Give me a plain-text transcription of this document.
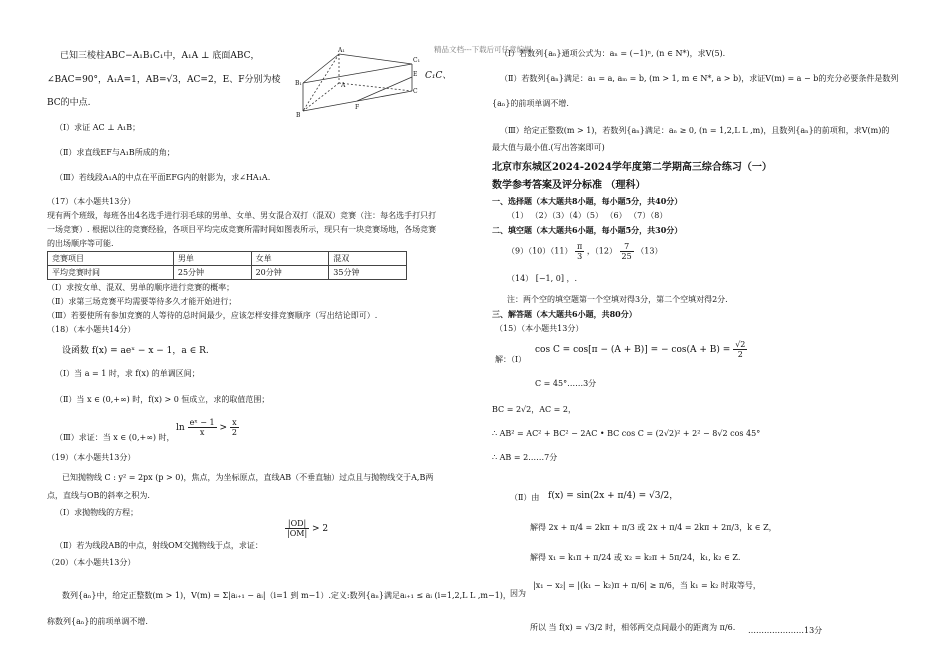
精品文档---下载后可任意编辑
已知三棱柱ABC−A₁B₁C₁中，A₁A ⊥ 底面ABC，
∠BAC=90°，A₁A=1，AB=√3，AC=2，E、F分别为棱	C₁C、
BC的中点.
A₁
B₁
C₁
E
A
B
C
F
（Ⅰ）求证 AC ⊥ A₁B；
（Ⅱ）求直线EF与A₁B所成的角；
（Ⅲ）若线段A₁A的中点在平面EFG内的射影为，求∠HA₁A.
（17）（本小题共13分）
现有两个班级，每班各出4名选手进行羽毛球的男单、女单、男女混合双打（混双）竞赛（注：每名选手打只打
一场竞赛）. 根据以往的竞赛经验，各项目平均完成竞赛所需时间如图表所示，现只有一块竞赛场地，各场竞赛
的出场顺序等可能.
竞赛项目	男单	女单	混双
平均竞赛时间	25分钟	20分钟	35分钟
（Ⅰ）求按女单、混双、男单的顺序进行竞赛的概率；
（Ⅱ）求第三场竞赛平均需要等待多久才能开始进行；
（Ⅲ）若要使所有参加竞赛的人等待的总时间最少，应该怎样安排竞赛顺序（写出结论即可）.
（18）（本小题共14分）
设函数 f(x) = aeˣ − x − 1，a ∈ R.
（Ⅰ）当 a = 1 时，求 f(x) 的单调区间；
（Ⅱ）当 x ∈ (0,+∞) 时，f(x) > 0 恒成立，求的取值范围；
（Ⅲ）求证：当 x ∈ (0,+∞) 时，
$\ln \frac{\text{eˣ − 1}}{x} > \frac{x}{2}$
（19）（本小题共13分）
已知抛物线 C : y² = 2px (p > 0)，焦点，为坐标原点，直线AB（不垂直轴）过点且与抛物线交于A,B两
点，直线与OB的斜率之积为.
（Ⅰ）求抛物线的方程；
（Ⅱ）若为线段AB的中点，射线OM交抛物线于点，求证：
$\frac{|OD|}{|OM|} > 2$
（20）（本小题共13分）
数列{aₙ}中，给定正整数(m > 1)，V(m) = Σ|aᵢ₊₁ − aᵢ|（i=1 到 m−1）.定义:数列{aₙ}满足aᵢ₊₁ ≤ aᵢ (i=1,2,L L ,m−1)，
称数列{aₙ}的前项单调不增.
（Ⅰ）若数列{aₙ}通项公式为：aₙ = (−1)ⁿ, (n ∈ N*)，求V(5).
（Ⅱ）若数列{aₙ}满足：a₁ = a, aₘ = b, (m > 1, m ∈ N*, a > b)，求证V(m) = a − b的充分必要条件是数列
{aₙ}的前项单调不增.
（Ⅲ）给定正整数(m > 1)，若数列{aₙ}满足：aₙ ≥ 0, (n = 1,2,L L ,m)，且数列{aₙ}的前项和，求V(m)的
最大值与最小值.(写出答案即可)
北京市东城区2024-2024学年度第二学期高三综合练习（一）
数学参考答案及评分标准 （理科）
一、选择题（本大题共8小题，每小题5分，共40分）
（1） （2）（3）（4）（5） （6） （7）（8）
二、填空题（本大题共6小题，每小题5分，共30分）
$(9)(10)(11) \frac{\pi}{3}$ ，$(12) \frac{7}{25} (13)$
（14） [−1, 0] ，.
注：两个空的填空题第一个空填对得3分，第二个空填对得2分.
三、解答题（本大题共6小题，共80分）
（15）（本小题共13分）
解：（Ⅰ）
cos C = cos[π − (A + B)] = − $\cos(A + B) = \frac{√2}{2}$
C = 45°……3分
BC = 2√2，AC = 2，
∴ AB² = AC² + BC² − 2AC • BC cos C = (2√2)² + 2² − 8√2 cos 45°
∴ AB = 2……7分
（Ⅱ）由 f(x) = sin(2x + π/4) = √3/2，
解得 2x + π/4 = 2kπ + π/3 或 2x + π/4 = 2kπ + 2π/3，k ∈ Z，
解得 x₁ = k₁π + π/24 或 x₂ = k₂π + 5π/24，k₁, k₂ ∈ Z.
因为
|x₁ − x₂| = |(k₁ − k₂)π + π/6| ≥ π/6，当 k₁ = k₂ 时取等号，
所以 当 f(x) = √3/2 时，相邻两交点间最小的距离为 π/6. …………………13分
